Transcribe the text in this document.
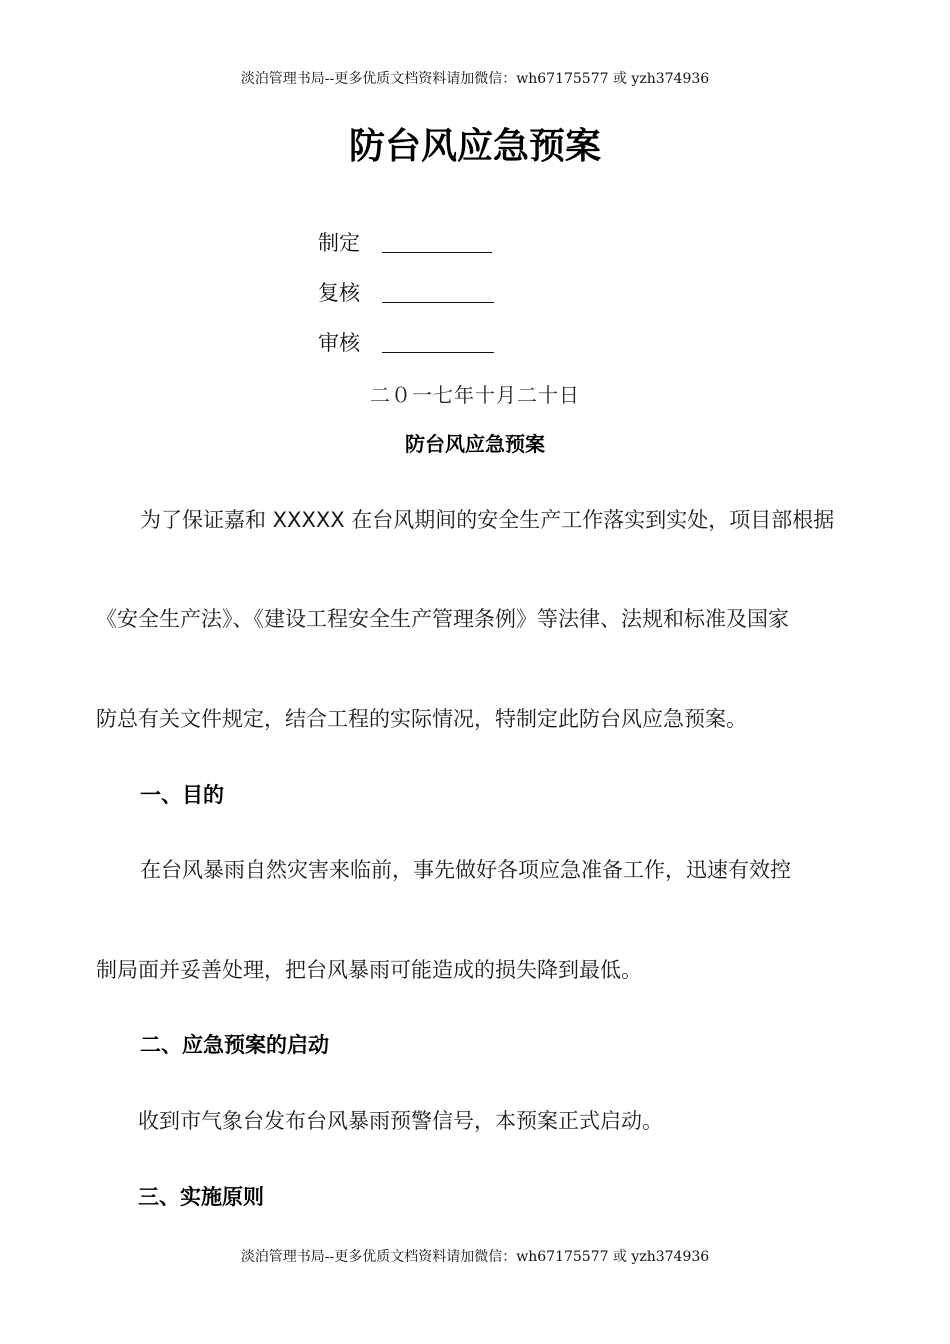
淡泊管理书局--更多优质文档资料请加微信：wh67175577 或 yzh374936
防台风应急预案
制定
复核
审核
二０一七年十月二十日
防台风应急预案
为了保证嘉和 XXXXX 在台风期间的安全生产工作落实到实处，项目部根据
《安全生产法》、《建设工程安全生产管理条例》等法律、法规和标准及国家
防总有关文件规定，结合工程的实际情况，特制定此防台风应急预案。
一、目的
在台风暴雨自然灾害来临前，事先做好各项应急准备工作，迅速有效控
制局面并妥善处理，把台风暴雨可能造成的损失降到最低。
二、应急预案的启动
收到市气象台发布台风暴雨预警信号，本预案正式启动。
三、实施原则
淡泊管理书局--更多优质文档资料请加微信：wh67175577 或 yzh374936
